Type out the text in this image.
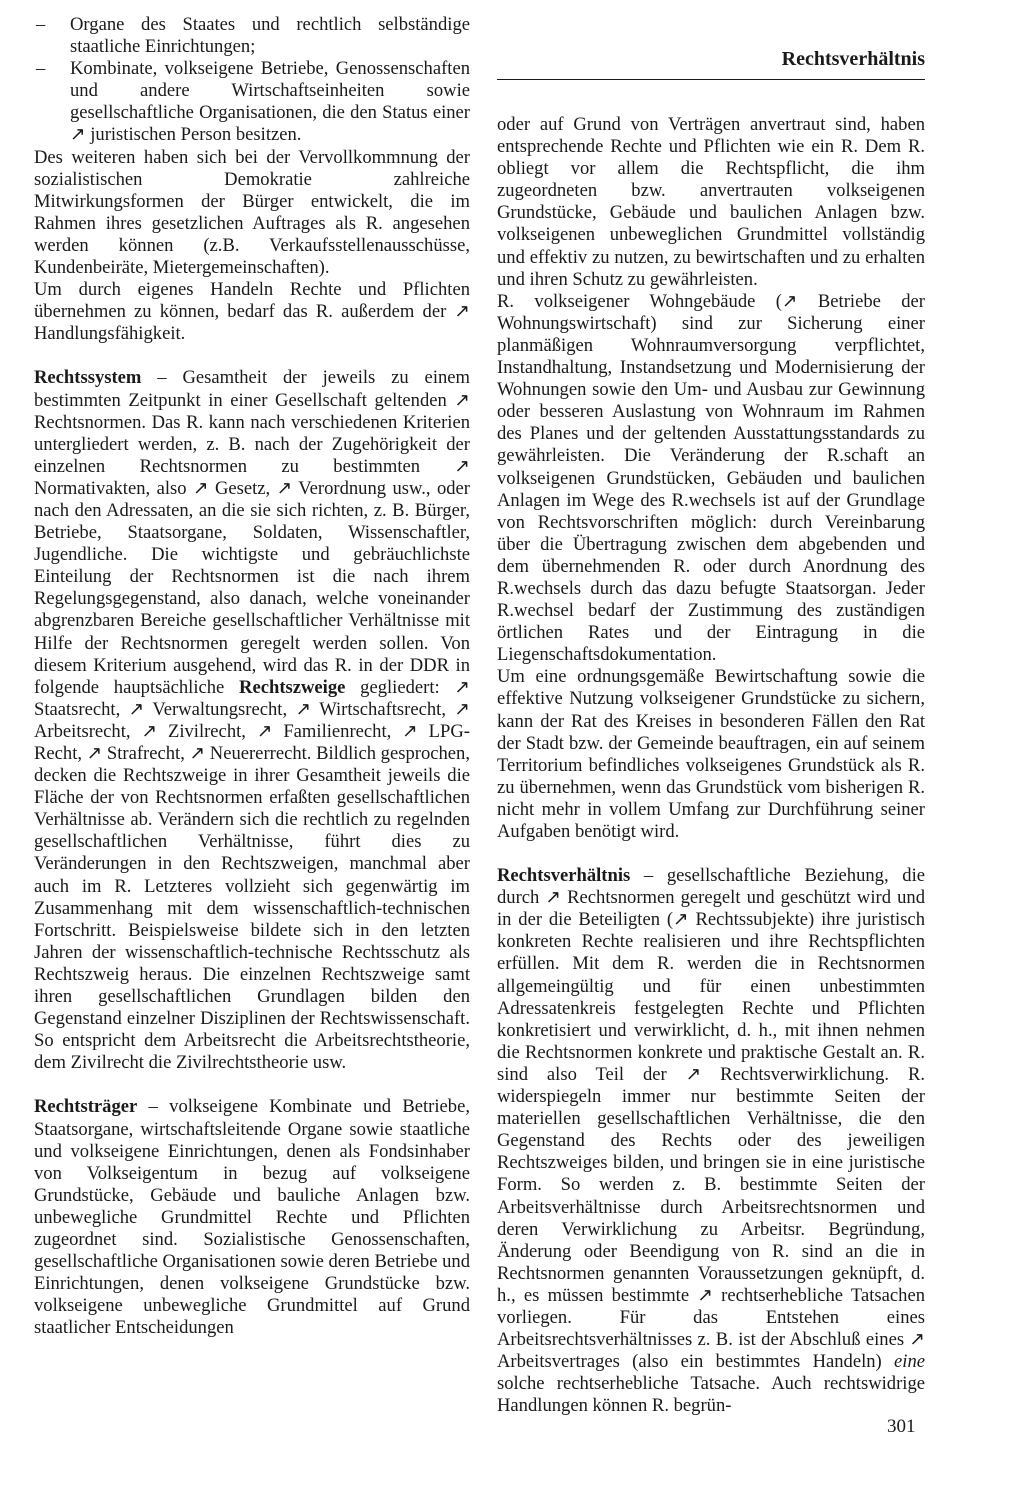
Rechtsverhältnis
– Organe des Staates und rechtlich selbständige staatliche Einrichtungen;

– Kombinate, volkseigene Betriebe, Genossenschaften und andere Wirtschaftseinheiten sowie gesellschaftliche Organisationen, die den Status einer ↗ juristischen Person besitzen.

Des weiteren haben sich bei der Vervollkommnung der sozialistischen Demokratie zahlreiche Mitwirkungsformen der Bürger entwickelt, die im Rahmen ihres gesetzlichen Auftrages als R. angesehen werden können (z.B. Verkaufsstellenausschüsse, Kundenbeiräte, Mietergemeinschaften).

Um durch eigenes Handeln Rechte und Pflichten übernehmen zu können, bedarf das R. außerdem der ↗ Handlungsfähigkeit.

Rechtssystem – Gesamtheit der jeweils zu einem bestimmten Zeitpunkt in einer Gesellschaft geltenden ↗ Rechtsnormen. Das R. kann nach verschiedenen Kriterien untergliedert werden, z. B. nach der Zugehörigkeit der einzelnen Rechtsnormen zu bestimmten ↗ Normativakten, also ↗ Gesetz, ↗ Verordnung usw., oder nach den Adressaten, an die sie sich richten, z. B. Bürger, Betriebe, Staatsorgane, Soldaten, Wissenschaftler, Jugendliche. Die wichtigste und gebräuchlichste Einteilung der Rechtsnormen ist die nach ihrem Regelungsgegenstand, also danach, welche voneinander abgrenzbaren Bereiche gesellschaftlicher Verhältnisse mit Hilfe der Rechtsnormen geregelt werden sollen. Von diesem Kriterium ausgehend, wird das R. in der DDR in folgende hauptsächliche Rechtszweige gegliedert: ↗ Staatsrecht, ↗ Verwaltungsrecht, ↗ Wirtschaftsrecht, ↗ Arbeitsrecht, ↗ Zivilrecht, ↗ Familienrecht, ↗ LPG-Recht, ↗ Strafrecht, ↗ Neuererrecht. Bildlich gesprochen, decken die Rechtszweige in ihrer Gesamtheit jeweils die Fläche der von Rechtsnormen erfaßten gesellschaftlichen Verhältnisse ab. Verändern sich die rechtlich zu regelnden gesellschaftlichen Verhältnisse, führt dies zu Veränderungen in den Rechtszweigen, manchmal aber auch im R. Letzteres vollzieht sich gegenwärtig im Zusammenhang mit dem wissenschaftlich-technischen Fortschritt. Beispielsweise bildete sich in den letzten Jahren der wissenschaftlich-technische Rechtsschutz als Rechtszweig heraus. Die einzelnen Rechtszweige samt ihren gesellschaftlichen Grundlagen bilden den Gegenstand einzelner Disziplinen der Rechtswissenschaft. So entspricht dem Arbeitsrecht die Arbeitsrechtstheorie, dem Zivilrecht die Zivilrechtstheorie usw.

Rechtsträger – volkseigene Kombinate und Betriebe, Staatsorgane, wirtschaftsleitende Organe sowie staatliche und volkseigene Einrichtungen, denen als Fondsinhaber von Volkseigentum in bezug auf volkseigene Grundstücke, Gebäude und bauliche Anlagen bzw. unbewegliche Grundmittel Rechte und Pflichten zugeordnet sind. Sozialistische Genossenschaften, gesellschaftliche Organisationen sowie deren Betriebe und Einrichtungen, denen volkseigene Grundstücke bzw. volkseigene unbewegliche Grundmittel auf Grund staatlicher Entscheidungen

oder auf Grund von Verträgen anvertraut sind, haben entsprechende Rechte und Pflichten wie ein R. Dem R. obliegt vor allem die Rechtspflicht, die ihm zugeordneten bzw. anvertrauten volkseigenen Grundstücke, Gebäude und baulichen Anlagen bzw. volkseigenen unbeweglichen Grundmittel vollständig und effektiv zu nutzen, zu bewirtschaften und zu erhalten und ihren Schutz zu gewährleisten.

R. volkseigener Wohngebäude (↗ Betriebe der Wohnungswirtschaft) sind zur Sicherung einer planmäßigen Wohnraumversorgung verpflichtet, Instandhaltung, Instandsetzung und Modernisierung der Wohnungen sowie den Um- und Ausbau zur Gewinnung oder besseren Auslastung von Wohnraum im Rahmen des Planes und der geltenden Ausstattungsstandards zu gewährleisten. Die Veränderung der R.schaft an volkseigenen Grundstücken, Gebäuden und baulichen Anlagen im Wege des R.wechsels ist auf der Grundlage von Rechtsvorschriften möglich: durch Vereinbarung über die Übertragung zwischen dem abgebenden und dem übernehmenden R. oder durch Anordnung des R.wechsels durch das dazu befugte Staatsorgan. Jeder R.wechsel bedarf der Zustimmung des zuständigen örtlichen Rates und der Eintragung in die Liegenschaftsdokumentation.

Um eine ordnungsgemäße Bewirtschaftung sowie die effektive Nutzung volkseigener Grundstücke zu sichern, kann der Rat des Kreises in besonderen Fällen den Rat der Stadt bzw. der Gemeinde beauftragen, ein auf seinem Territorium befindliches volkseigenes Grundstück als R. zu übernehmen, wenn das Grundstück vom bisherigen R. nicht mehr in vollem Umfang zur Durchführung seiner Aufgaben benötigt wird.

Rechtsverhältnis – gesellschaftliche Beziehung, die durch ↗ Rechtsnormen geregelt und geschützt wird und in der die Beteiligten (↗ Rechtssubjekte) ihre juristisch konkreten Rechte realisieren und ihre Rechtspflichten erfüllen. Mit dem R. werden die in Rechtsnormen allgemeingültig und für einen unbestimmten Adressatenkreis festgelegten Rechte und Pflichten konkretisiert und verwirklicht, d. h., mit ihnen nehmen die Rechtsnormen konkrete und praktische Gestalt an. R. sind also Teil der ↗ Rechtsverwirklichung. R. widerspiegeln immer nur bestimmte Seiten der materiellen gesellschaftlichen Verhältnisse, die den Gegenstand des Rechts oder des jeweiligen Rechtszweiges bilden, und bringen sie in eine juristische Form. So werden z. B. bestimmte Seiten der Arbeitsverhältnisse durch Arbeitsrechtsnormen und deren Verwirklichung zu Arbeitsr. Begründung, Änderung oder Beendigung von R. sind an die in Rechtsnormen genannten Voraussetzungen geknüpft, d. h., es müssen bestimmte ↗ rechtserhebliche Tatsachen vorliegen. Für das Entstehen eines Arbeitsrechtsverhältnisses z. B. ist der Abschluß eines ↗ Arbeitsvertrages (also ein bestimmtes Handeln) eine solche rechtserhebliche Tatsache. Auch rechtswidrige Handlungen können R. begrün-

301
